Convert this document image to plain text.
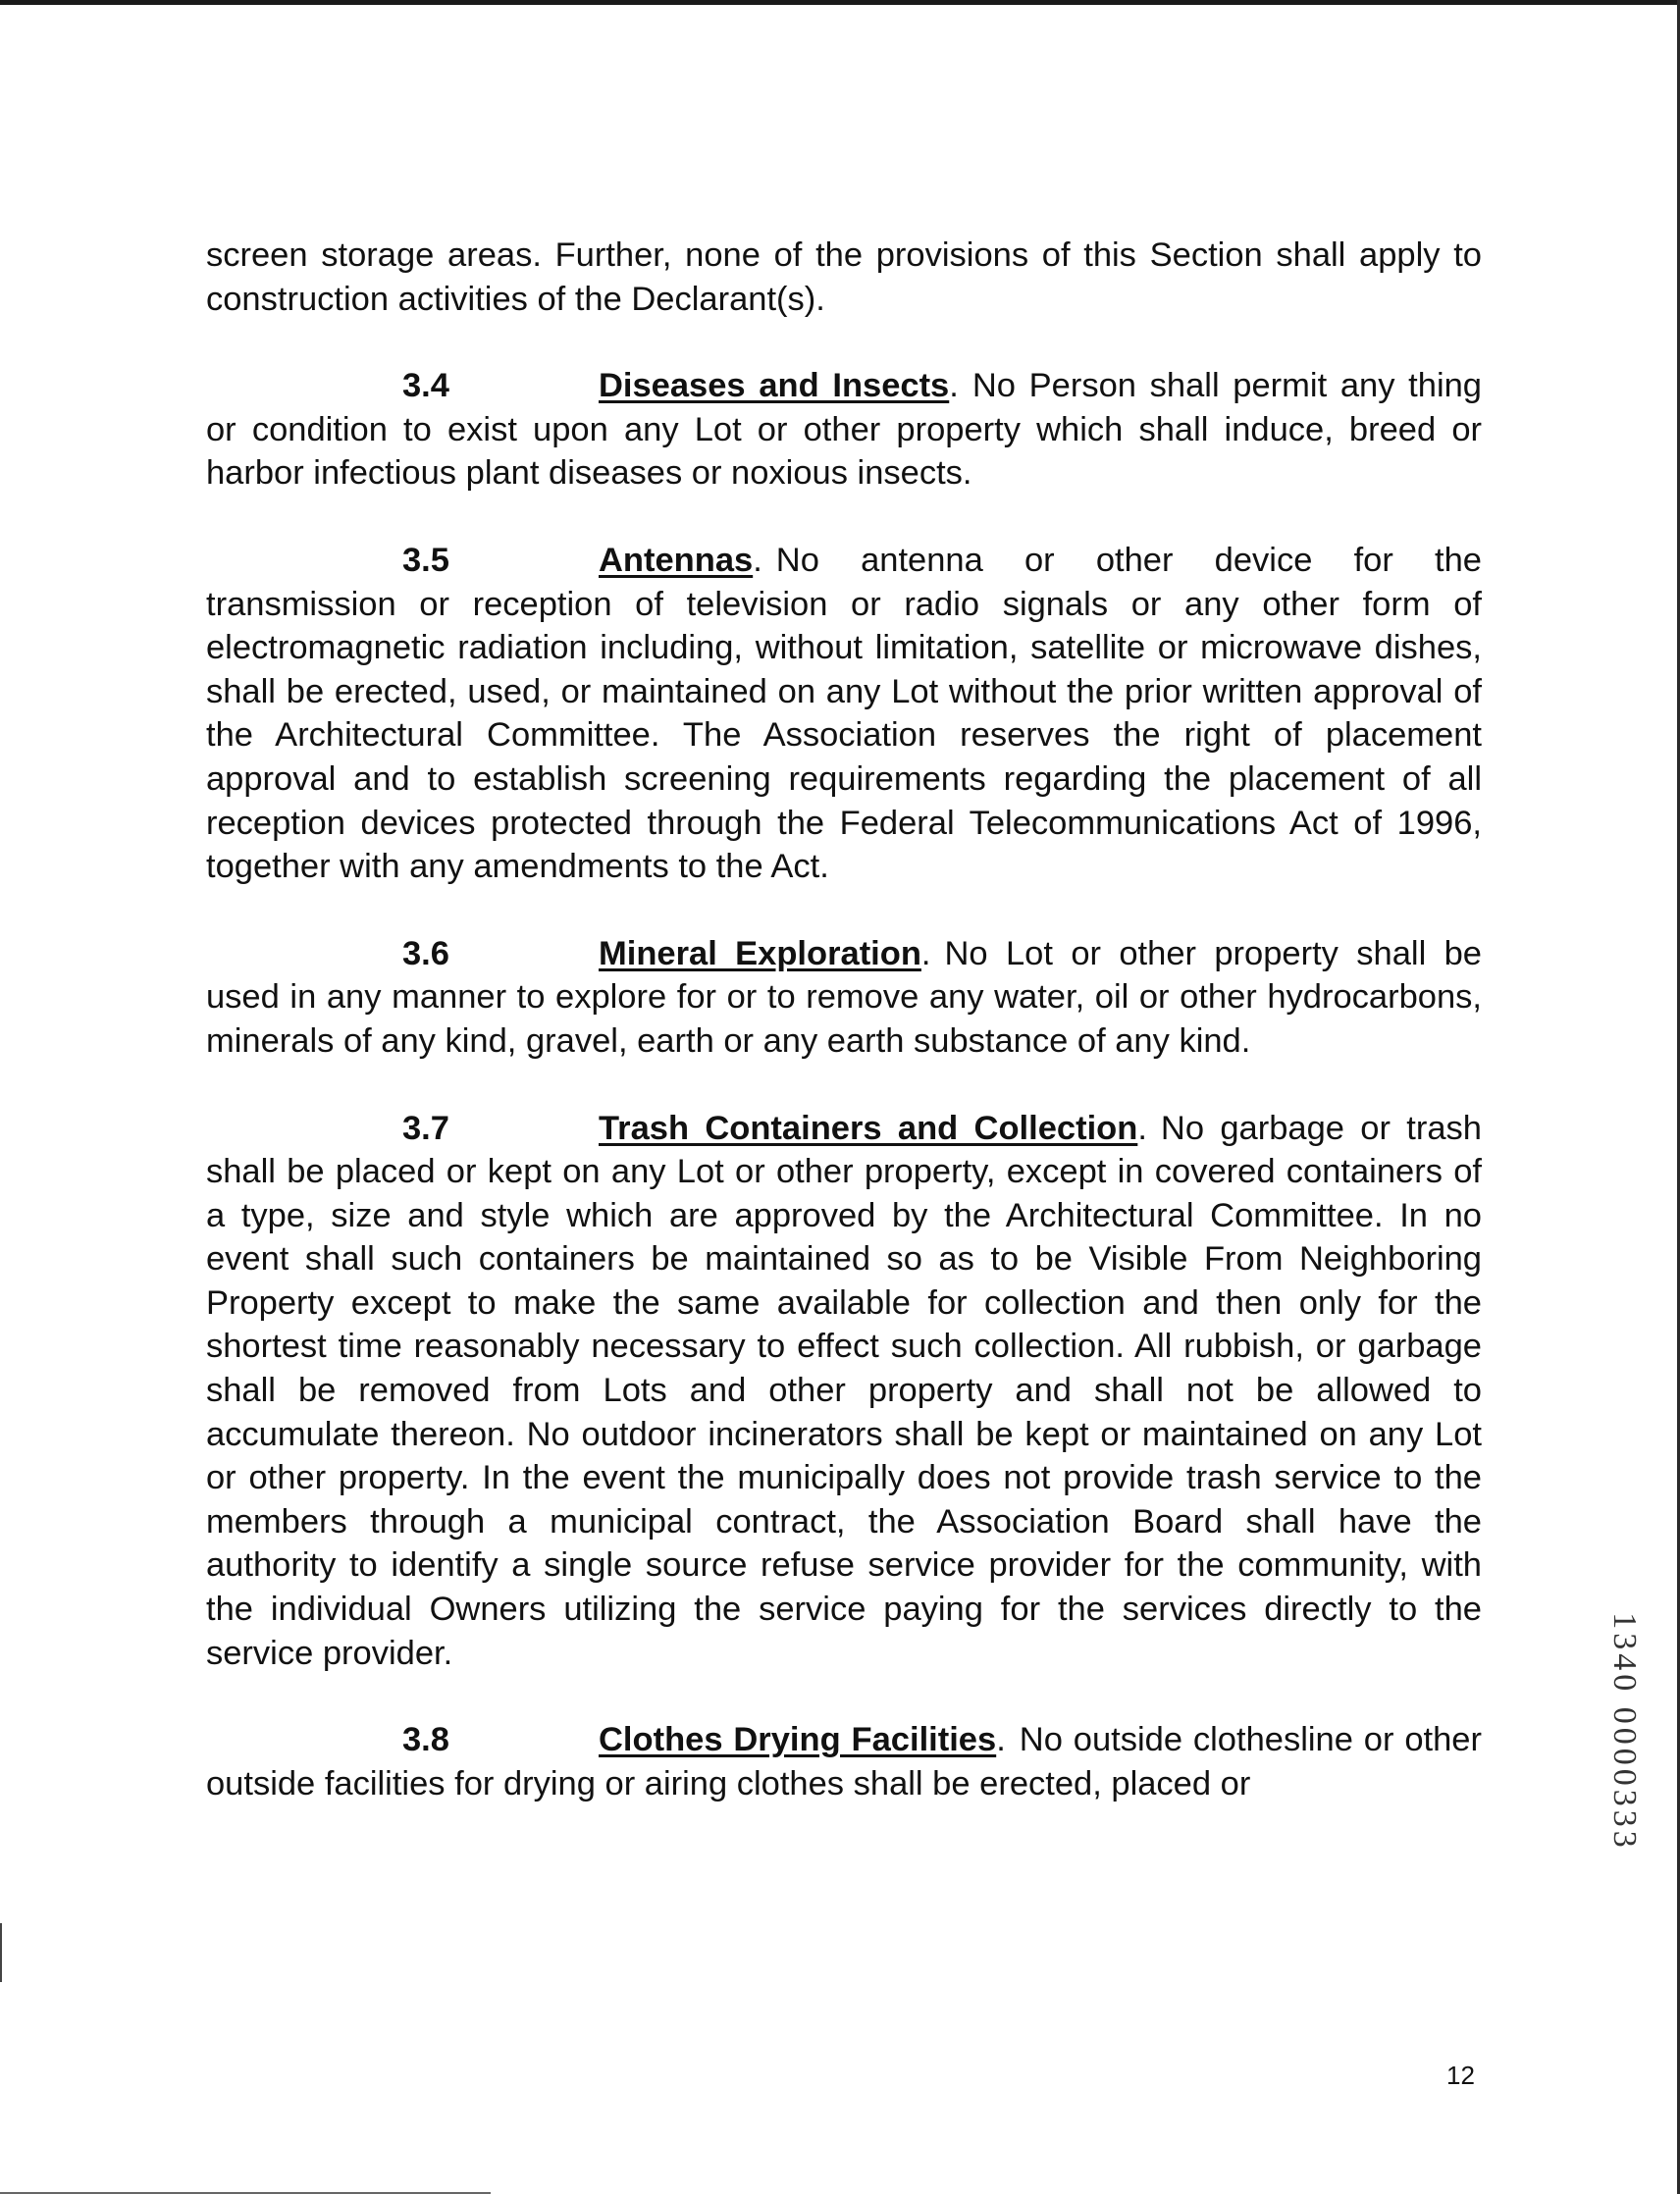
screen storage areas. Further, none of the provisions of this Section shall apply to construction activities of the Declarant(s).

3.4	Diseases and Insects. No Person shall permit any thing or condition to exist upon any Lot or other property which shall induce, breed or harbor infectious plant diseases or noxious insects.

3.5	Antennas. No antenna or other device for the transmission or reception of television or radio signals or any other form of electromagnetic radiation including, without limitation, satellite or microwave dishes, shall be erected, used, or maintained on any Lot without the prior written approval of the Architectural Committee. The Association reserves the right of placement approval and to establish screening requirements regarding the placement of all reception devices protected through the Federal Telecommunications Act of 1996, together with any amendments to the Act.

3.6	Mineral Exploration. No Lot or other property shall be used in any manner to explore for or to remove any water, oil or other hydrocarbons, minerals of any kind, gravel, earth or any earth substance of any kind.

3.7	Trash Containers and Collection. No garbage or trash shall be placed or kept on any Lot or other property, except in covered containers of a type, size and style which are approved by the Architectural Committee. In no event shall such containers be maintained so as to be Visible From Neighboring Property except to make the same available for collection and then only for the shortest time reasonably necessary to effect such collection. All rubbish, or garbage shall be removed from Lots and other property and shall not be allowed to accumulate thereon. No outdoor incinerators shall be kept or maintained on any Lot or other property. In the event the municipally does not provide trash service to the members through a municipal contract, the Association Board shall have the authority to identify a single source refuse service provider for the community, with the individual Owners utilizing the service paying for the services directly to the service provider.

3.8	Clothes Drying Facilities. No outside clothesline or other outside facilities for drying or airing clothes shall be erected, placed or	1340 0000333
12
